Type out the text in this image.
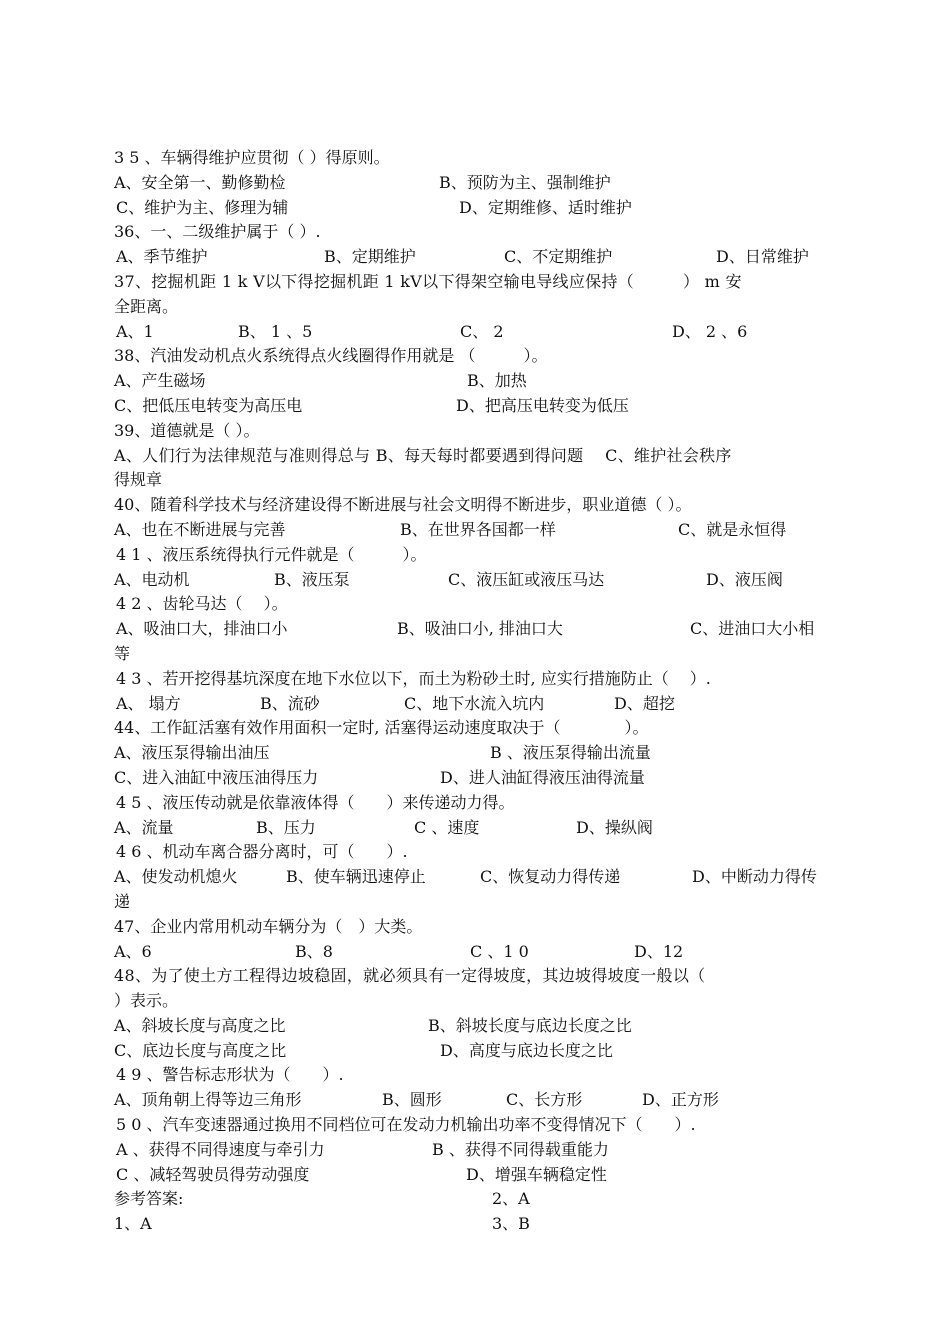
3 5 、车辆得维护应贯彻（ ）得原则。
A、安全第一、勤修勤检	B、预防为主、强制维护
C、维护为主、修理为辅	D、定期维修、适时维护
36、一、二级维护属于（ ）.
A、季节维护	B、定期维护	C、不定期维护	D、日常维护
37、挖掘机距 1 k V以下得挖掘机距 1 kV以下得架空输电导线应保持（　　　） m 安
全距离。
A、1	B、 1 、5	C、 2	D、 2 、6
38、汽油发动机点火系统得点火线圈得作用就是 （　　　）。
A、产生磁场	B、加热
C、把低压电转变为高压电	D、把高压电转变为低压
39、道德就是（ ）。
A、人们行为法律规范与准则得总与 B、每天每时都要遇到得问题　 C、维护社会秩序
得规章
40、随着科学技术与经济建设得不断进展与社会文明得不断进步，职业道德（ ）。
A、也在不断进展与完善	B、在世界各国都一样	C、就是永恒得
4 1 、液压系统得执行元件就是（　　　）。
A、电动机	B、液压泵	C、液压缸或液压马达	D、液压阀
4 2 、齿轮马达（　 ）。
A、吸油口大，排油口小	B、吸油口小, 排油口大	C、进油口大小相
等
4 3 、若开挖得基坑深度在地下水位以下，而土为粉砂土时, 应实行措施防止（　 ）.
A、 塌方	B、流砂	C、地下水流入坑内	D、超挖
44、工作缸活塞有效作用面积一定时, 活塞得运动速度取决于（　　　　）。
A、液压泵得输出油压	B 、液压泵得输出流量
C、进入油缸中液压油得压力	D、进人油缸得液压油得流量
4 5 、液压传动就是依靠液体得（　　）来传递动力得。
A、流量	B、压力	C 、速度	D、操纵阀
4 6 、机动车离合器分离时，可（　　）.
A、使发动机熄火	B、使车辆迅速停止	C、恢复动力得传递	D、中断动力得传
递
47、企业内常用机动车辆分为（　）大类。
A、6	B、8	C 、1 0	D、12
48、为了使土方工程得边坡稳固，就必须具有一定得坡度，其边坡得坡度一般以（
）表示。
A、斜坡长度与高度之比	B、斜坡长度与底边长度之比
C、底边长度与高度之比	D、高度与底边长度之比
4 9 、警告标志形状为（　　）.
A、顶角朝上得等边三角形	B、圆形	C、长方形	D、正方形
5 0 、汽车变速器通过换用不同档位可在发动力机输出功率不变得情况下（　　）.
A 、获得不同得速度与牵引力	B 、获得不同得载重能力
C 、减轻驾驶员得劳动强度	D、增强车辆稳定性
参考答案:	2、A
1、A	3、B
